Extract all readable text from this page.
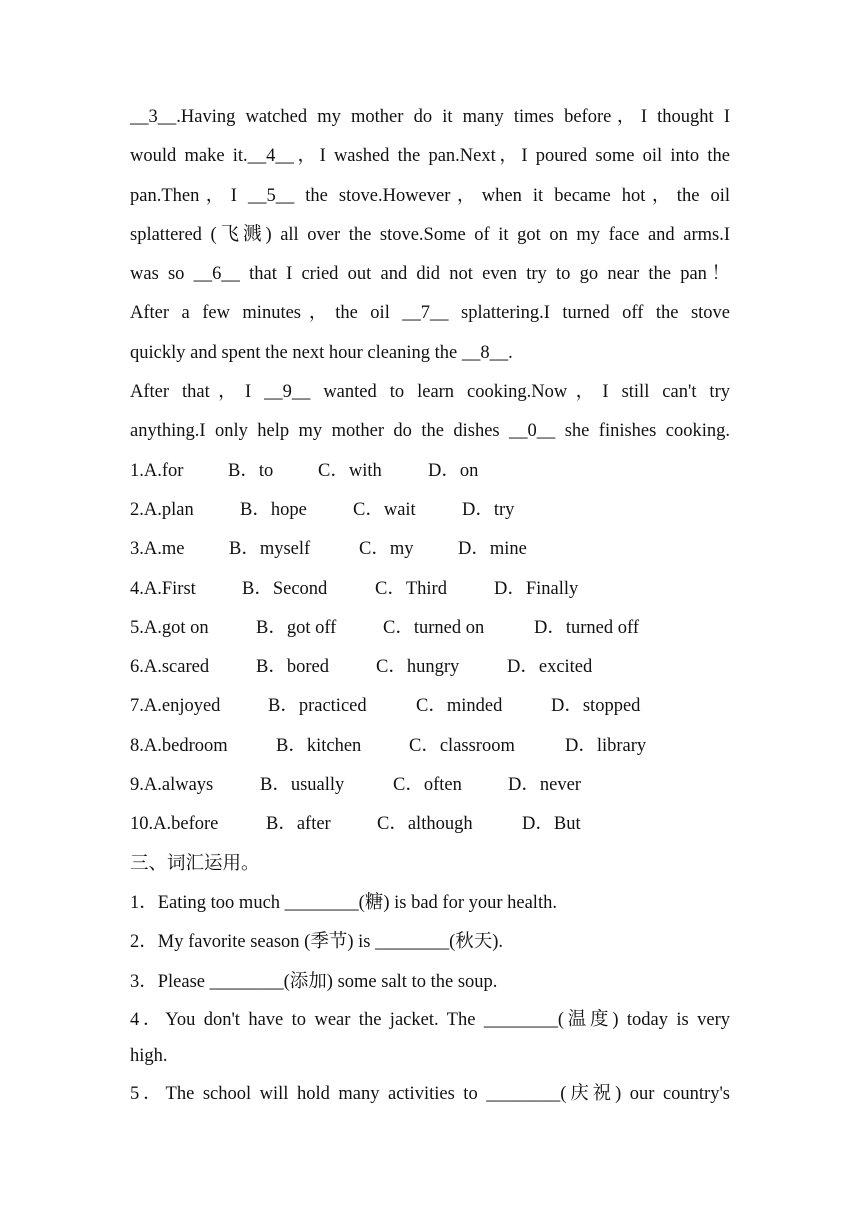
__3__.Having watched my mother do it many times before，I thought I

would make it.__4__，I washed the pan.Next，I poured some oil into the

pan.Then，I __5__ the stove.However，when it became hot，the oil

splattered (飞溅) all over the stove.Some of it got on my face and arms.I

was so __6__ that I cried out and did not even try to go near the pan！

After a few minutes，the oil __7__ splattering.I turned off the stove

quickly and spent the next hour cleaning the __8__.

After that，I __9__ wanted to learn cooking.Now，I still can't try

anything.I only help my mother do the dishes __0__ she finishes cooking.

1.A.for B．to C．with	D．on
2.A.plan	B．hope C．wait	D．try
3.A.me B．myself	C．my D．mine
4.A.First B．Second	C．Third	D．Finally
5.A.got on	B．got off	C．turned on	D．turned off
6.A.scared	B．bored	C．hungry	D．excited
7.A.enjoyed	B．practiced	C．minded	D．stopped
8.A.bedroom	B．kitchen	C．classroom	D．library
9.A.always	B．usually	C．often D．never
10.A.before	B．after	C．although	D．But
三、词汇运用。

1．Eating too much ________(糖) is bad for your health.

2．My favorite season (季节) is ________(秋天).

3．Please ________(添加) some salt to the soup.

4．You don't have to wear the jacket. The ________(温度) today is very

high.

5．The school will hold many activities to ________(庆祝) our country's
